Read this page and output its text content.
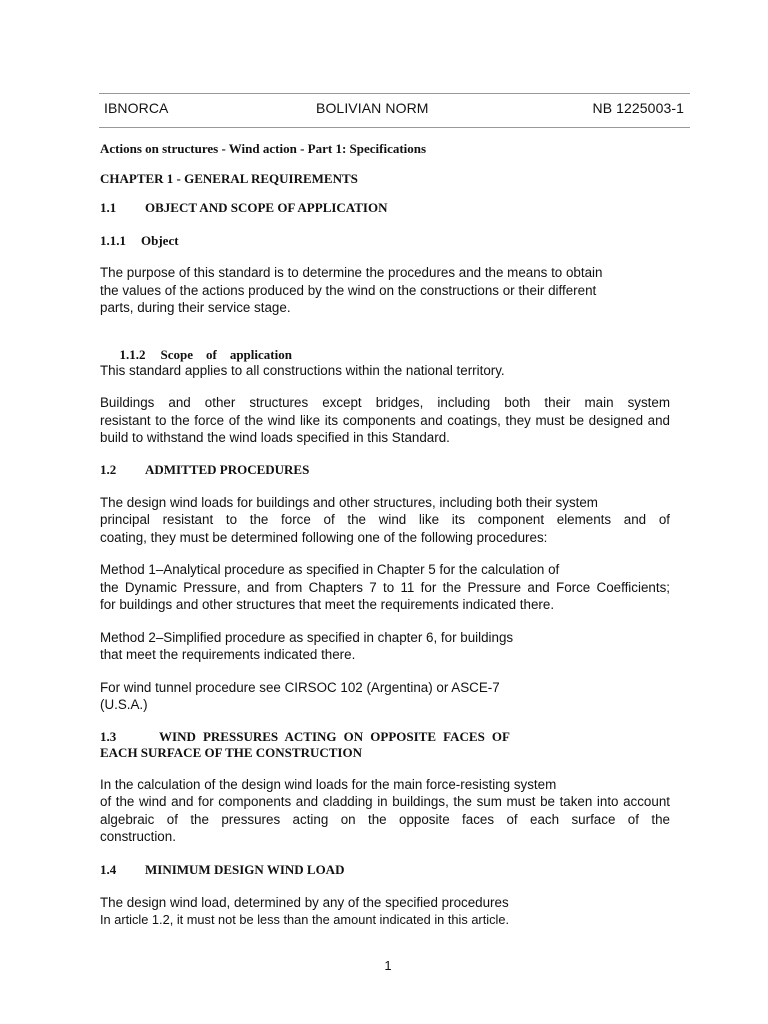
IBNORCA	BOLIVIAN NORM	NB 1225003-1
Actions on structures - Wind action - Part 1: Specifications
CHAPTER 1 - GENERAL REQUIREMENTS
1.1 OBJECT AND SCOPE OF APPLICATION
1.1.1 Object
The purpose of this standard is to determine the procedures and the means to obtain
the values of the actions produced by the wind on the constructions or their different
parts, during their service stage.

1.1.2 Scope    of    application

This standard applies to all constructions within the national territory.
Buildings and other structures except bridges, including both their main system
resistant to the force of the wind like its components and coatings, they must be designed and
build to withstand the wind loads specified in this Standard.
1.2 ADMITTED PROCEDURES
The design wind loads for buildings and other structures, including both their system
principal resistant to the force of the wind like its component elements and of
coating, they must be determined following one of the following procedures:
Method 1–Analytical procedure as specified in Chapter 5 for the calculation of
the Dynamic Pressure, and from Chapters 7 to 11 for the Pressure and Force Coefficients;
for buildings and other structures that meet the requirements indicated there.
Method 2–Simplified procedure as specified in chapter 6, for buildings
that meet the requirements indicated there.
For wind tunnel procedure see CIRSOC 102 (Argentina) or ASCE-7
(U.S.A.)
1.3	WIND PRESSURES ACTING ON OPPOSITE FACES OF
EACH SURFACE OF THE CONSTRUCTION
In the calculation of the design wind loads for the main force-resisting system
of the wind and for components and cladding in buildings, the sum must be taken into account
algebraic of the pressures acting on the opposite faces of each surface of the
construction.
1.4 MINIMUM DESIGN WIND LOAD
The design wind load, determined by any of the specified procedures
In article 1.2, it must not be less than the amount indicated in this article.
1
